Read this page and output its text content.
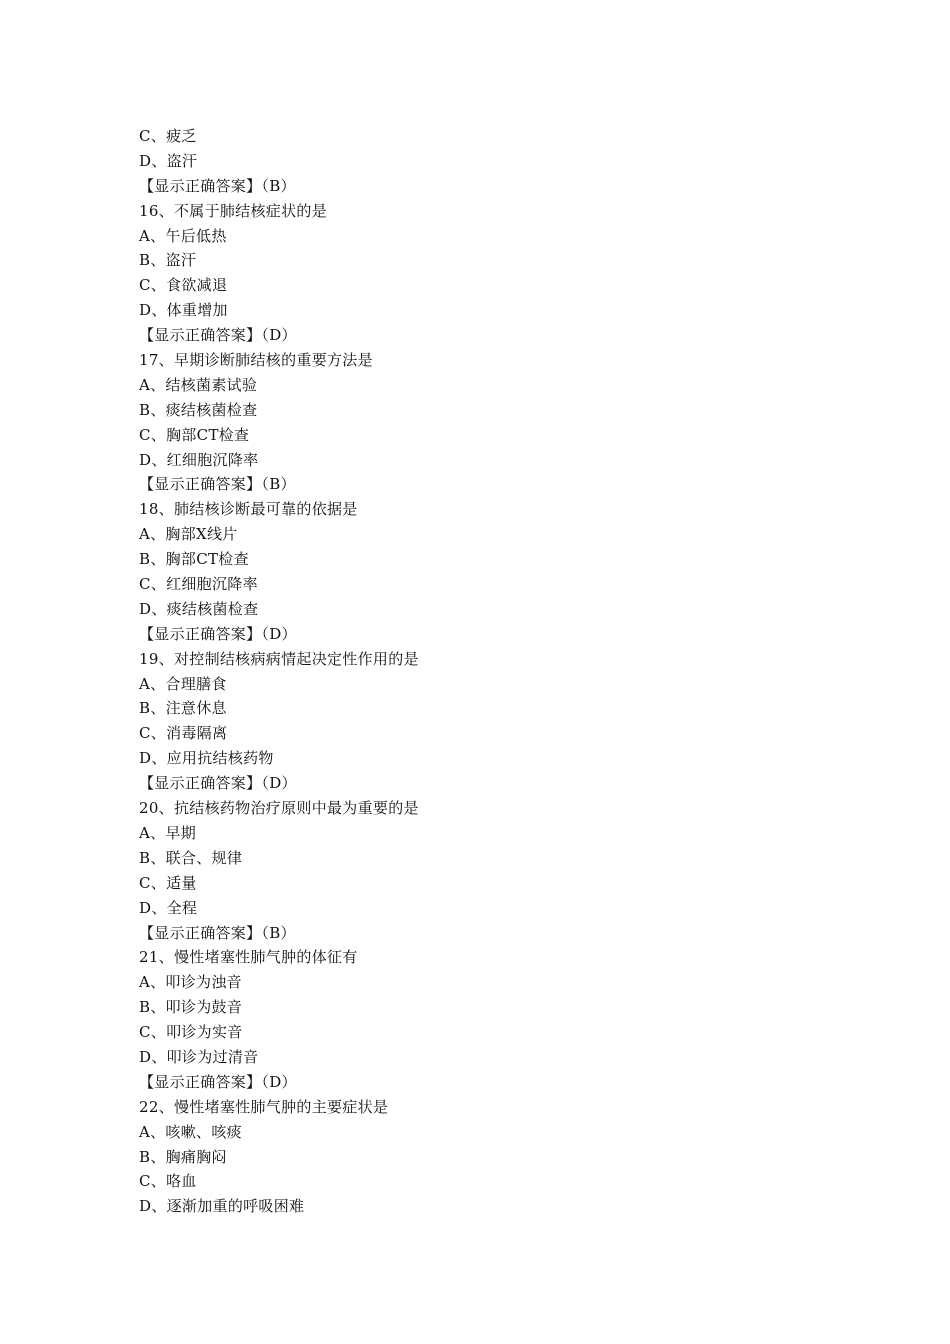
C、疲乏
D、盗汗
【显示正确答案】（B）
16、不属于肺结核症状的是
A、午后低热
B、盗汗
C、食欲减退
D、体重增加
【显示正确答案】（D）
17、早期诊断肺结核的重要方法是
A、结核菌素试验
B、痰结核菌检查
C、胸部CT检查
D、红细胞沉降率
【显示正确答案】（B）
18、肺结核诊断最可靠的依据是
A、胸部X线片
B、胸部CT检查
C、红细胞沉降率
D、痰结核菌检查
【显示正确答案】（D）
19、对控制结核病病情起决定性作用的是
A、合理膳食
B、注意休息
C、消毒隔离
D、应用抗结核药物
【显示正确答案】（D）
20、抗结核药物治疗原则中最为重要的是
A、早期
B、联合、规律
C、适量
D、全程
【显示正确答案】（B）
21、慢性堵塞性肺气肿的体征有
A、叩诊为浊音
B、叩诊为鼓音
C、叩诊为实音
D、叩诊为过清音
【显示正确答案】（D）
22、慢性堵塞性肺气肿的主要症状是
A、咳嗽、咳痰
B、胸痛胸闷
C、咯血
D、逐渐加重的呼吸困难
